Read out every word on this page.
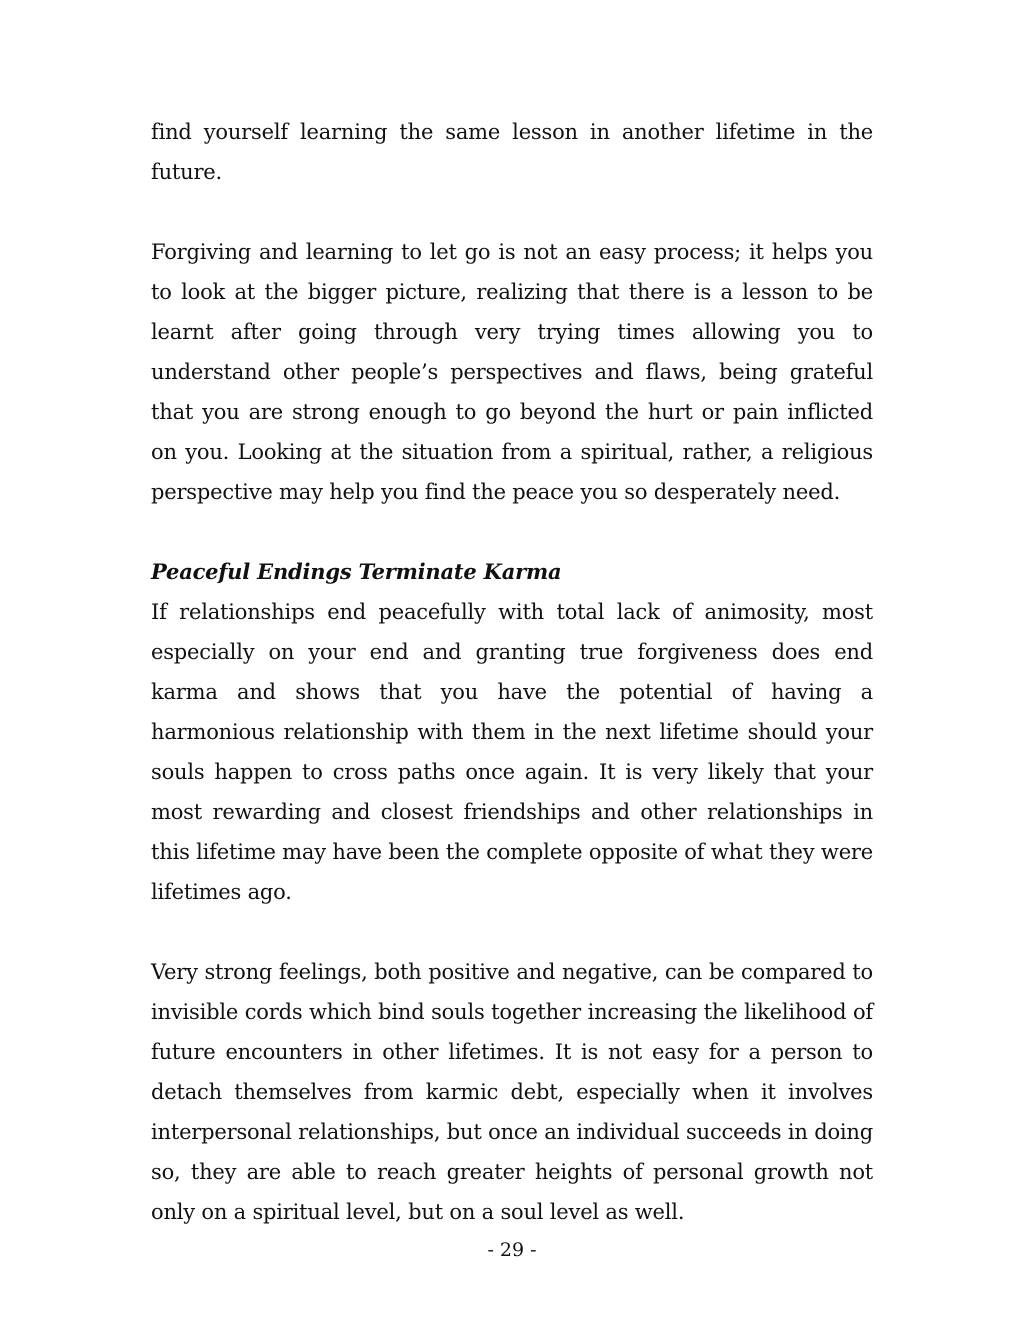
find yourself learning the same lesson in another lifetime in the future.

Forgiving and learning to let go is not an easy process; it helps you to look at the bigger picture, realizing that there is a lesson to be learnt after going through very trying times allowing you to understand other people’s perspectives and flaws, being grateful that you are strong enough to go beyond the hurt or pain inflicted on you. Looking at the situation from a spiritual, rather, a religious perspective may help you find the peace you so desperately need.

Peaceful Endings Terminate Karma

If relationships end peacefully with total lack of animosity, most especially on your end and granting true forgiveness does end karma and shows that you have the potential of having a harmonious relationship with them in the next lifetime should your souls happen to cross paths once again. It is very likely that your most rewarding and closest friendships and other relationships in this lifetime may have been the complete opposite of what they were lifetimes ago.

Very strong feelings, both positive and negative, can be compared to invisible cords which bind souls together increasing the likelihood of future encounters in other lifetimes. It is not easy for a person to detach themselves from karmic debt, especially when it involves interpersonal relationships, but once an individual succeeds in doing so, they are able to reach greater heights of personal growth not only on a spiritual level, but on a soul level as well.

- 29 -
